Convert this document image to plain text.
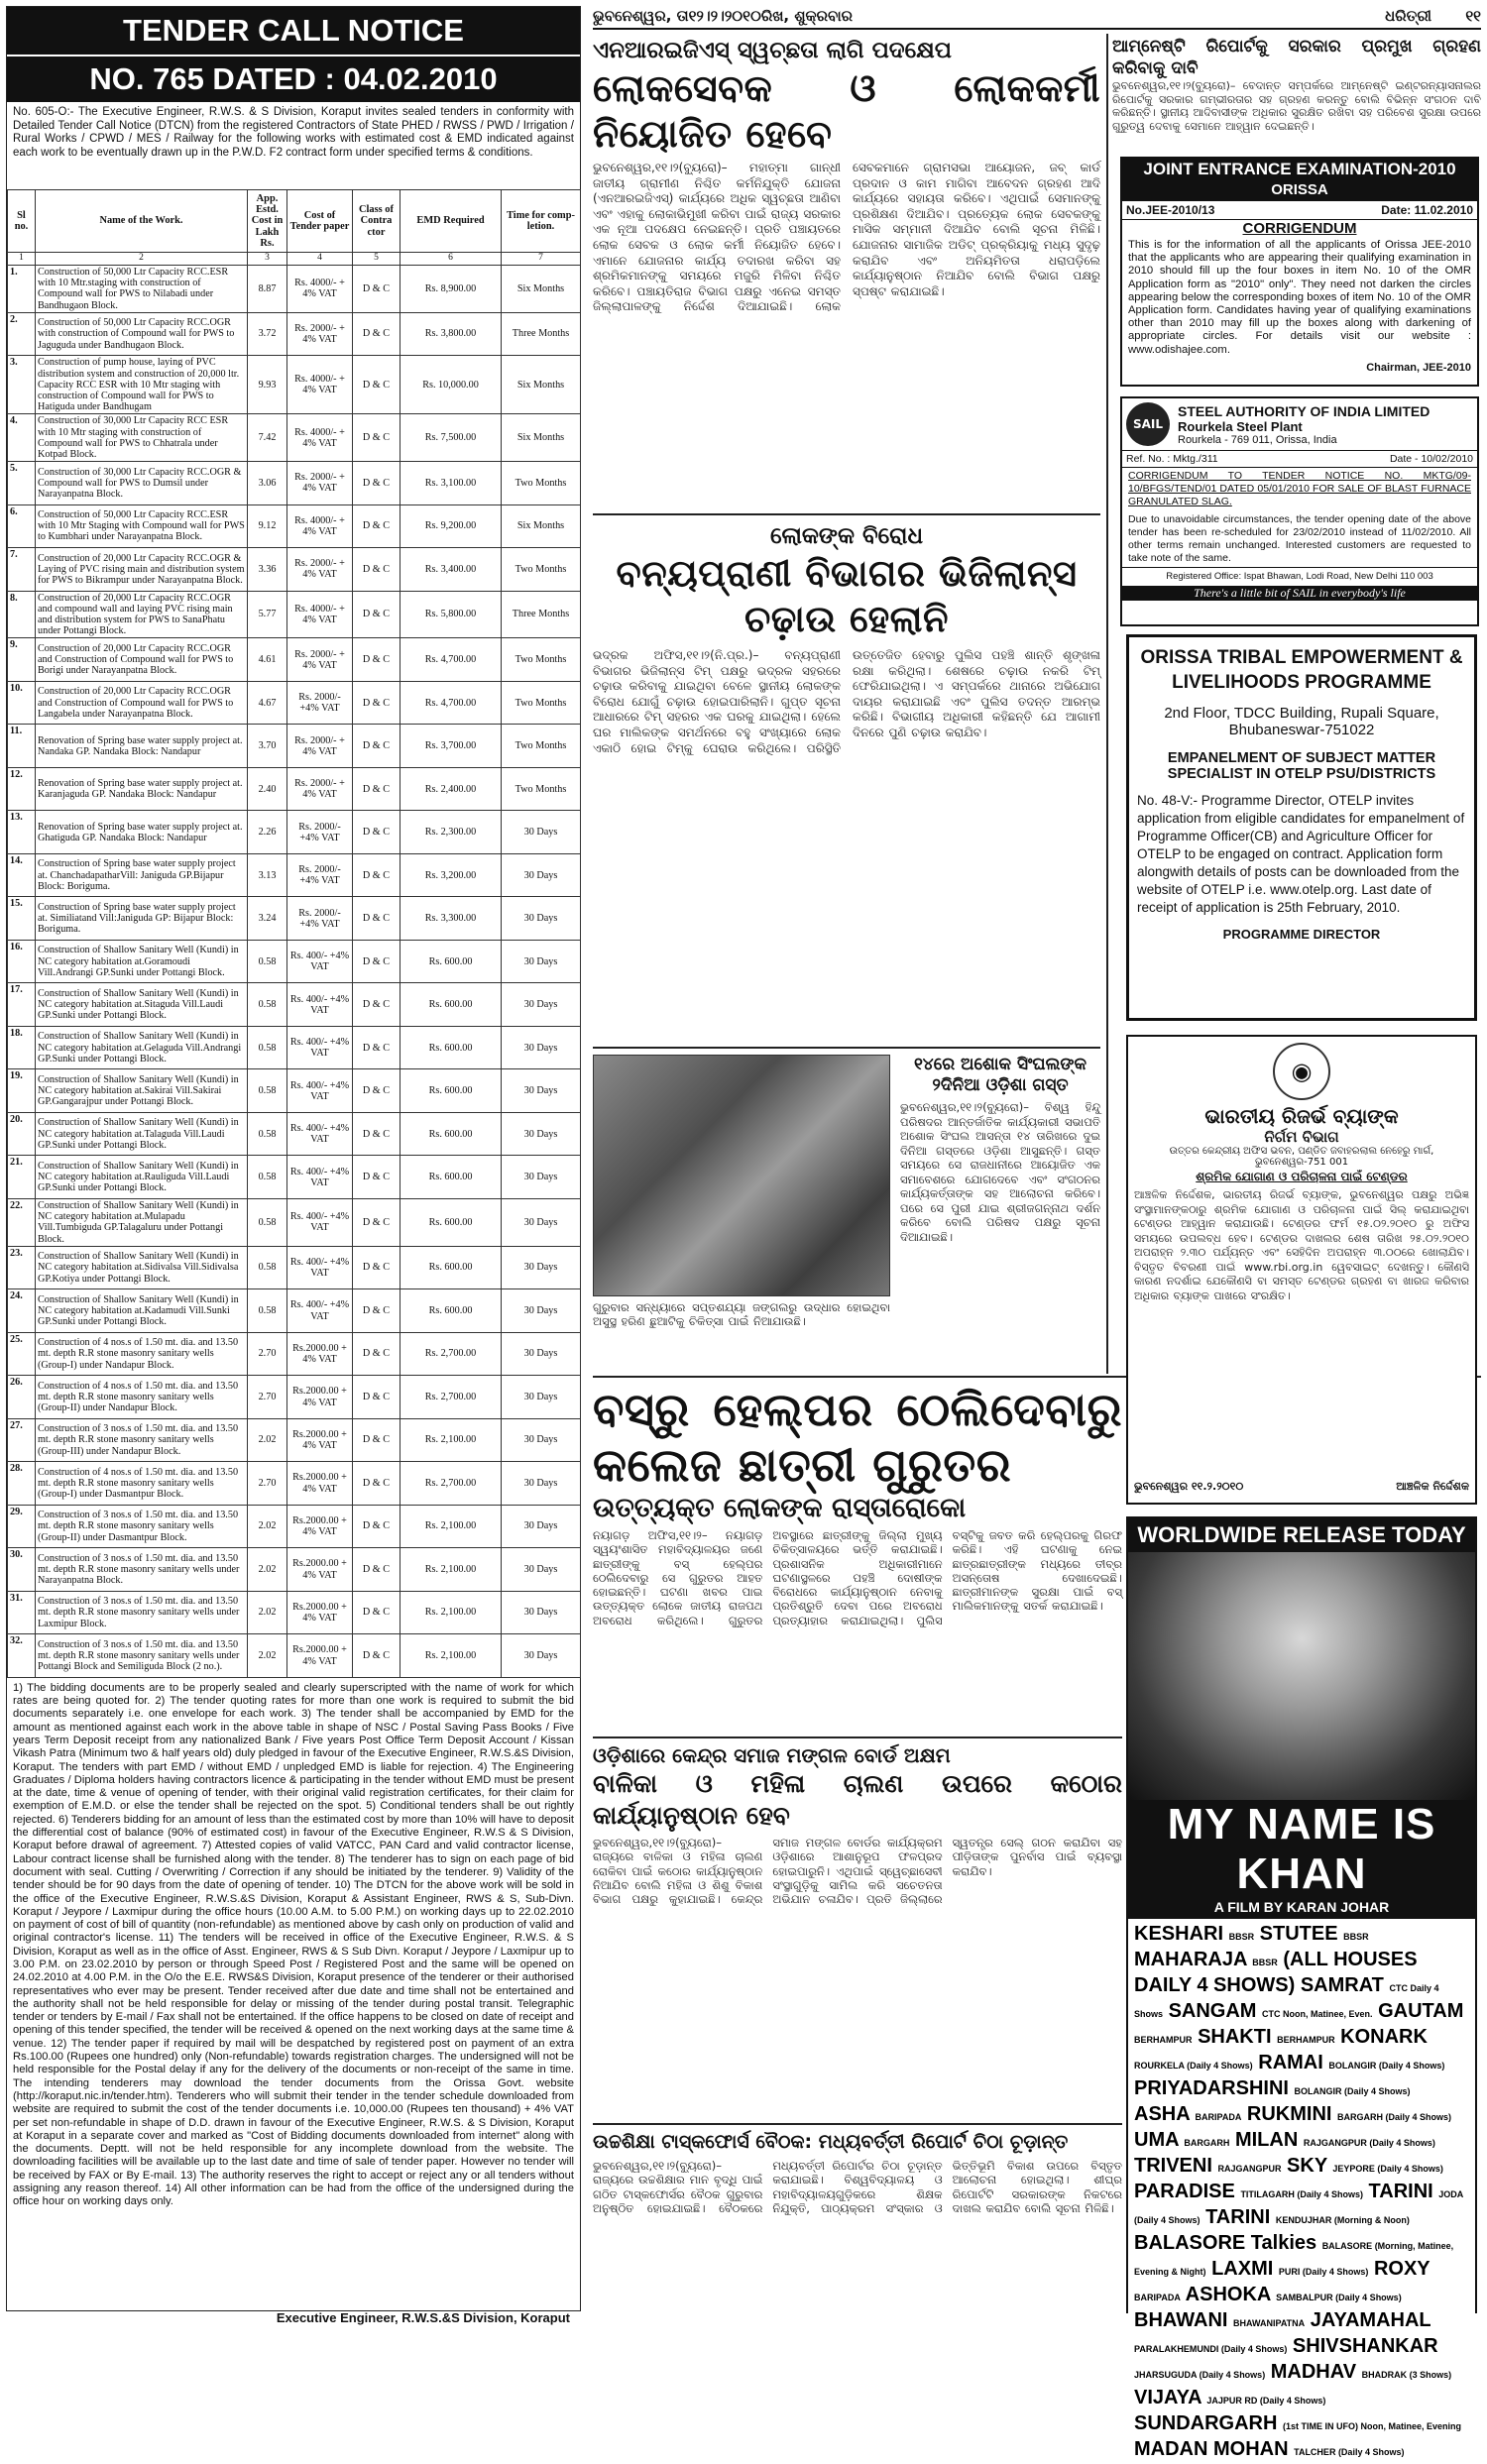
TENDER CALL NOTICE
NO. 765 DATED : 04.02.2010
No. 605-O:- The Executive Engineer, R.W.S. & S Division, Koraput invites sealed tenders in conformity with Detailed Tender Call Notice (DTCN) from the registered Contractors of State PHED / RWSS / PWD / Irrigation / Rural Works / CPWD / MES / Railway for the following works with estimated cost & EMD indicated against each work to be eventually drawn up in the P.W.D. F2 contract form under specified terms & conditions.
Sl no.	Name of the Work.	App. Estd. Cost in Lakh Rs.	Cost of Tender paper	Class of Contra ctor	EMD Required	Time for comp- letion.
1	2	3	4	5	6	7
1.	Construction of 50,000 Ltr Capacity RCC.ESR with 10 Mtr.staging with construction of Compound wall for PWS to Nilabadi under Bandhugaon Block.	8.87	Rs. 4000/- + 4% VAT	D & C	Rs. 8,900.00	Six Months
2.	Construction of 50,000 Ltr Capacity RCC.OGR with construction of Compound wall for PWS to Jaguguda under Bandhugaon Block.	3.72	Rs. 2000/- + 4% VAT	D & C	Rs. 3,800.00	Three Months
3.	Construction of pump house, laying of PVC distribution system and construction of 20,000 ltr. Capacity RCC ESR with 10 Mtr staging with construction of Compound wall for PWS to Hatiguda under Bandhugam	9.93	Rs. 4000/- + 4% VAT	D & C	Rs. 10,000.00	Six Months
4.	Construction of 30,000 Ltr Capacity RCC ESR with 10 Mtr staging with construction of Compound wall for PWS to Chhatrala under Kotpad Block.	7.42	Rs. 4000/- + 4% VAT	D & C	Rs. 7,500.00	Six Months
5.	Construction of 30,000 Ltr Capacity RCC.OGR & Compound wall for PWS to Dumsil under Narayanpatna Block.	3.06	Rs. 2000/- + 4% VAT	D & C	Rs. 3,100.00	Two Months
6.	Construction of 50,000 Ltr Capacity RCC.ESR with 10 Mtr Staging with Compound wall for PWS to Kumbhari under Narayanpatna Block.	9.12	Rs. 4000/- + 4% VAT	D & C	Rs. 9,200.00	Six Months
7.	Construction of 20,000 Ltr Capacity RCC.OGR & Laying of PVC rising main and distribution system for PWS to Bikrampur under Narayanpatna Block.	3.36	Rs. 2000/- + 4% VAT	D & C	Rs. 3,400.00	Two Months
8.	Construction of 20,000 Ltr Capacity RCC.OGR and compound wall and laying PVC rising main and distribution system for PWS to SanaPhatu under Pottangi Block.	5.77	Rs. 4000/- + 4% VAT	D & C	Rs. 5,800.00	Three Months
9.	Construction of 20,000 Ltr Capacity RCC.OGR and Construction of Compound wall for PWS to Borigi under Narayanpatna Block.	4.61	Rs. 2000/- + 4% VAT	D & C	Rs. 4,700.00	Two Months
10.	Construction of 20,000 Ltr Capacity RCC.OGR and Construction of Compound wall for PWS to Langabela under Narayanpatna Block.	4.67	Rs. 2000/- +4% VAT	D & C	Rs. 4,700.00	Two Months
11.	Renovation of Spring base water supply project at. Nandaka GP. Nandaka Block: Nandapur	3.70	Rs. 2000/- + 4% VAT	D & C	Rs. 3,700.00	Two Months
12.	Renovation of Spring base water supply project at. Karanjaguda GP. Nandaka Block: Nandapur	2.40	Rs. 2000/- + 4% VAT	D & C	Rs. 2,400.00	Two Months
13.	Renovation of Spring base water supply project at. Ghatiguda GP. Nandaka Block: Nandapur	2.26	Rs. 2000/- +4% VAT	D & C	Rs. 2,300.00	30 Days
14.	Construction of Spring base water supply project at. ChanchadapatharVill: Janiguda GP.Bijapur Block: Boriguma.	3.13	Rs. 2000/- +4% VAT	D & C	Rs. 3,200.00	30 Days
15.	Construction of Spring base water supply project at. Similiatand Vill:Janiguda GP: Bijapur Block: Boriguma.	3.24	Rs. 2000/- +4% VAT	D & C	Rs. 3,300.00	30 Days
16.	Construction of Shallow Sanitary Well (Kundi) in NC category habitation at.Goramoudi Vill.Andrangi GP.Sunki under Pottangi Block.	0.58	Rs. 400/- +4% VAT	D & C	Rs. 600.00	30 Days
17.	Construction of Shallow Sanitary Well (Kundi) in NC category habitation at.Sitaguda Vill.Laudi GP.Sunki under Pottangi Block.	0.58	Rs. 400/- +4% VAT	D & C	Rs. 600.00	30 Days
18.	Construction of Shallow Sanitary Well (Kundi) in NC category habitation at.Gelaguda Vill.Andrangi GP.Sunki under Pottangi Block.	0.58	Rs. 400/- +4% VAT	D & C	Rs. 600.00	30 Days
19.	Construction of Shallow Sanitary Well (Kundi) in NC category habitation at.Sakirai Vill.Sakirai GP.Gangarajpur under Pottangi Block.	0.58	Rs. 400/- +4% VAT	D & C	Rs. 600.00	30 Days
20.	Construction of Shallow Sanitary Well (Kundi) in NC category habitation at.Talaguda Vill.Laudi GP.Sunki under Pottangi Block.	0.58	Rs. 400/- +4% VAT	D & C	Rs. 600.00	30 Days
21.	Construction of Shallow Sanitary Well (Kundi) in NC category habitation at.Rauliguda Vill.Laudi GP.Sunki under Pottangi Block.	0.58	Rs. 400/- +4% VAT	D & C	Rs. 600.00	30 Days
22.	Construction of Shallow Sanitary Well (Kundi) in NC category habitation at.Mulapadu Vill.Tumbiguda GP.Talagaluru under Pottangi Block.	0.58	Rs. 400/- +4% VAT	D & C	Rs. 600.00	30 Days
23.	Construction of Shallow Sanitary Well (Kundi) in NC category habitation at.Sidivalsa Vill.Sidivalsa GP.Kotiya under Pottangi Block.	0.58	Rs. 400/- +4% VAT	D & C	Rs. 600.00	30 Days
24.	Construction of Shallow Sanitary Well (Kundi) in NC category habitation at.Kadamudi Vill.Sunki GP.Sunki under Pottangi Block.	0.58	Rs. 400/- +4% VAT	D & C	Rs. 600.00	30 Days
25.	Construction of 4 nos.s of 1.50 mt. dia. and 13.50 mt. depth R.R stone masonry sanitary wells (Group-I) under Nandapur Block.	2.70	Rs.2000.00 + 4% VAT	D & C	Rs. 2,700.00	30 Days
26.	Construction of 4 nos.s of 1.50 mt. dia. and 13.50 mt. depth R.R stone masonry sanitary wells (Group-II) under Nandapur Block.	2.70	Rs.2000.00 + 4% VAT	D & C	Rs. 2,700.00	30 Days
27.	Construction of 3 nos.s of 1.50 mt. dia. and 13.50 mt. depth R.R stone masonry sanitary wells (Group-III) under Nandapur Block.	2.02	Rs.2000.00 + 4% VAT	D & C	Rs. 2,100.00	30 Days
28.	Construction of 4 nos.s of 1.50 mt. dia. and 13.50 mt. depth R.R stone masonry sanitary wells (Group-I) under Dasmantpur Block.	2.70	Rs.2000.00 + 4% VAT	D & C	Rs. 2,700.00	30 Days
29.	Construction of 3 nos.s of 1.50 mt. dia. and 13.50 mt. depth R.R stone masonry sanitary wells (Group-II) under Dasmantpur Block.	2.02	Rs.2000.00 + 4% VAT	D & C	Rs. 2,100.00	30 Days
30.	Construction of 3 nos.s of 1.50 mt. dia. and 13.50 mt. depth R.R stone masonry sanitary wells under Narayanpatna Block.	2.02	Rs.2000.00 + 4% VAT	D & C	Rs. 2,100.00	30 Days
31.	Construction of 3 nos.s of 1.50 mt. dia. and 13.50 mt. depth R.R stone masonry sanitary wells under Laxmipur Block.	2.02	Rs.2000.00 + 4% VAT	D & C	Rs. 2,100.00	30 Days
32.	Construction of 3 nos.s of 1.50 mt. dia. and 13.50 mt. depth R.R stone masonry sanitary wells under Pottangi Block and Semiliguda Block (2 no.).	2.02	Rs.2000.00 + 4% VAT	D & C	Rs. 2,100.00	30 Days
1) The bidding documents are to be properly sealed and clearly superscripted with the name of work for which rates are being quoted for. 2) The tender quoting rates for more than one work is required to submit the bid documents separately i.e. one envelope for each work. 3) The tender shall be accompanied by EMD for the amount as mentioned against each work in the above table in shape of NSC / Postal Saving Pass Books / Five years Term Deposit receipt from any nationalized Bank / Five years Post Office Term Deposit Account / Kissan Vikash Patra (Minimum two & half years old) duly pledged in favour of the Executive Engineer, R.W.S.&S Division, Koraput. The tenders with part EMD / without EMD / unpledged EMD is liable for rejection. 4) The Engineering Graduates / Diploma holders having contractors licence & participating in the tender without EMD must be present at the date, time & venue of opening of tender, with their original valid registration certificates, for their claim for exemption of E.M.D. or else the tender shall be rejected on the spot. 5) Conditional tenders shall be out rightly rejected. 6) Tenderers bidding for an amount of less than the estimated cost by more than 10% will have to deposit the differential cost of balance (90% of estimated cost) in favour of the Executive Engineer, R.W.S & S Division, Koraput before drawal of agreement. 7) Attested copies of valid VATCC, PAN Card and valid contractor license, Labour contract license shall be furnished along with the tender. 8) The tenderer has to sign on each page of bid document with seal. Cutting / Overwriting / Correction if any should be initiated by the tenderer. 9) Validity of the tender should be for 90 days from the date of opening of tender. 10) The DTCN for the above work will be sold in the office of the Executive Engineer, R.W.S.&S Division, Koraput & Assistant Engineer, RWS & S, Sub-Divn. Koraput / Jeypore / Laxmipur during the office hours (10.00 A.M. to 5.00 P.M.) on working days up to 22.02.2010 on payment of cost of bill of quantity (non-refundable) as mentioned above by cash only on production of valid and original contractor's license. 11) The tenders will be received in office of the Executive Engineer, R.W.S. & S Division, Koraput as well as in the office of Asst. Engineer, RWS & S Sub Divn. Koraput / Jeypore / Laxmipur up to 3.00 P.M. on 23.02.2010 by person or through Speed Post / Registered Post and the same will be opened on 24.02.2010 at 4.00 P.M. in the O/o the E.E. RWS&S Division, Koraput presence of the tenderer or their authorised representatives who ever may be present. Tender received after due date and time shall not be entertained and the authority shall not be held responsible for delay or missing of the tender during postal transit. Telegraphic tender or tenders by E-mail / Fax shall not be entertained. If the office happens to be closed on date of receipt and opening of this tender specified, the tender will be received & opened on the next working days at the same time & venue. 12) The tender paper if required by mail will be despatched by registered post on payment of an extra Rs.100.00 (Rupees one hundred) only (Non-refundable) towards registration charges. The undersigned will not be held responsible for the Postal delay if any for the delivery of the documents or non-receipt of the same in time. The intending tenderers may download the tender documents from the Orissa Govt. website (http://koraput.nic.in/tender.htm). Tenderers who will submit their tender in the tender schedule downloaded from website are required to submit the cost of the tender documents i.e. 10,000.00 (Rupees ten thousand) + 4% VAT per set non-refundable in shape of D.D. drawn in favour of the Executive Engineer, R.W.S. & S Division, Koraput at Koraput in a separate cover and marked as "Cost of Bidding documents downloaded from internet" along with the documents. Deptt. will not be held responsible for any incomplete download from the website. The downloading facilities will be available up to the last date and time of sale of tender paper. However no tender will be received by FAX or By E-mail. 13) The authority reserves the right to accept or reject any or all tenders without assigning any reason thereof. 14) All other information can be had from the office of the undersigned during the office hour on working days only.
Executive Engineer, R.W.S.&S Division, Koraput
ଭୁବନେଶ୍ୱର, ତା୧୨।୨।୨୦୧୦ରିଖ, ଶୁକ୍ରବାର	ଧରିତ୍ରୀ ୧୧
ଏନଆରଇଜିଏସ୍ ସ୍ୱଚ୍ଛତା ଲାଗି ପଦକ୍ଷେପ
ଲୋକସେବକ ଓ ଲୋକକର୍ମୀ ନିୟୋଜିତ ହେବେ
ଭୁବନେଶ୍ୱର,୧୧।୨(ବ୍ୟୁରୋ)– ମହାତ୍ମା ଗାନ୍ଧୀ ଜାତୀୟ ଗ୍ରାମୀଣ ନିଶ୍ଚିତ କର୍ମନିଯୁକ୍ତି ଯୋଜନା (ଏନଆରଇଜିଏସ୍) କାର୍ଯ୍ୟରେ ଅଧିକ ସ୍ୱଚ୍ଛତା ଆଣିବା ଏବଂ ଏହାକୁ ଲୋକାଭିମୁଖୀ କରିବା ପାଇଁ ରାଜ୍ୟ ସରକାର ଏକ ନୂଆ ପଦକ୍ଷେପ ନେଇଛନ୍ତି। ପ୍ରତି ପଞ୍ଚାୟତରେ ଲୋକ ସେବକ ଓ ଲୋକ କର୍ମୀ ନିୟୋଜିତ ହେବେ। ଏମାନେ ଯୋଜନାର କାର୍ଯ୍ୟ ତଦାରଖ କରିବା ସହ ଶ୍ରମିକମାନଙ୍କୁ ସମୟରେ ମଜୁରି ମିଳିବା ନିଶ୍ଚିତ କରିବେ। ପଞ୍ଚାୟତିରାଜ ବିଭାଗ ପକ୍ଷରୁ ଏନେଇ ସମସ୍ତ ଜିଲ୍ଲାପାଳଙ୍କୁ ନିର୍ଦ୍ଦେଶ ଦିଆଯାଇଛି। ଲୋକ ସେବକମାନେ ଗ୍ରାମସଭା ଆୟୋଜନ, ଜବ୍ କାର୍ଡ ପ୍ରଦାନ ଓ କାମ ମାଗିବା ଆବେଦନ ଗ୍ରହଣ ଆଦି କାର୍ଯ୍ୟରେ ସହାୟତା କରିବେ। ଏଥିପାଇଁ ସେମାନଙ୍କୁ ପ୍ରଶିକ୍ଷଣ ଦିଆଯିବ। ପ୍ରତ୍ୟେକ ଲୋକ ସେବକଙ୍କୁ ମାସିକ ସମ୍ମାନୀ ଦିଆଯିବ ବୋଲି ସୂଚନା ମିଳିଛି। ଯୋଜନାର ସାମାଜିକ ଅଡିଟ୍ ପ୍ରକ୍ରିୟାକୁ ମଧ୍ୟ ସୁଦୃଢ଼ କରାଯିବ ଏବଂ ଅନିୟମିତତା ଧରାପଡ଼ିଲେ କାର୍ଯ୍ୟାନୁଷ୍ଠାନ ନିଆଯିବ ବୋଲି ବିଭାଗ ପକ୍ଷରୁ ସ୍ପଷ୍ଟ କରାଯାଇଛି।
ଲୋକଙ୍କ ବିରୋଧ
ବନ୍ୟପ୍ରାଣୀ ବିଭାଗର ଭିଜିଲାନ୍ସ ଚଢ଼ାଉ ହେଲାନି
ଭଦ୍ରକ ଅଫିସ,୧୧।୨(ନି.ପ୍ର.)– ବନ୍ୟପ୍ରାଣୀ ବିଭାଗର ଭିଜିଲାନ୍ସ ଟିମ୍ ପକ୍ଷରୁ ଭଦ୍ରକ ସହରରେ ଚଢ଼ାଉ କରିବାକୁ ଯାଇଥିବା ବେଳେ ସ୍ଥାନୀୟ ଲୋକଙ୍କ ବିରୋଧ ଯୋଗୁଁ ଚଢ଼ାଉ ହୋଇପାରିଲାନି। ଗୁପ୍ତ ସୂଚନା ଆଧାରରେ ଟିମ୍ ସହରର ଏକ ଘରକୁ ଯାଇଥିଲା। ହେଲେ ଘର ମାଲିକଙ୍କ ସମର୍ଥନରେ ବହୁ ସଂଖ୍ୟାରେ ଲୋକ ଏକାଠି ହୋଇ ଟିମ୍‌କୁ ଘେରାଉ କରିଥିଲେ। ପରିସ୍ଥିତି ଉତ୍ତେଜିତ ହେବାରୁ ପୁଲିସ ପହଞ୍ଚି ଶାନ୍ତି ଶୃଙ୍ଖଳା ରକ୍ଷା କରିଥିଲା। ଶେଷରେ ଚଢ଼ାଉ ନକରି ଟିମ୍ ଫେରିଯାଇଥିଲା। ଏ ସମ୍ପର୍କରେ ଥାନାରେ ଅଭିଯୋଗ ଦାୟର କରାଯାଇଛି ଏବଂ ପୁଲିସ ତଦନ୍ତ ଆରମ୍ଭ କରିଛି। ବିଭାଗୀୟ ଅଧିକାରୀ କହିଛନ୍ତି ଯେ ଆଗାମୀ ଦିନରେ ପୁଣି ଚଢ଼ାଉ କରାଯିବ।
ଗୁରୁବାର ସନ୍ଧ୍ୟାରେ ସପ୍ତଶଯ୍ୟା ଜଙ୍ଗଲରୁ ଉଦ୍ଧାର ହୋଇଥିବା ଅସୁସ୍ଥ ହରିଣ ଛୁଆଟିକୁ ଚିକିତ୍ସା ପାଇଁ ନିଆଯାଉଛି।
୧୪ରେ ଅଶୋକ ସିଂଘଲଙ୍କ ୨ଦିନିଆ ଓଡ଼ିଶା ଗସ୍ତ
ଭୁବନେଶ୍ୱର,୧୧।୨(ବ୍ୟୁରୋ)– ବିଶ୍ୱ ହିନ୍ଦୁ ପରିଷଦର ଆନ୍ତର୍ଜାତିକ କାର୍ଯ୍ୟକାରୀ ସଭାପତି ଅଶୋକ ସିଂଘଲ ଆସନ୍ତା ୧୪ ତାରିଖରେ ଦୁଇ ଦିନିଆ ଗସ୍ତରେ ଓଡ଼ିଶା ଆସୁଛନ୍ତି। ଗସ୍ତ ସମୟରେ ସେ ରାଜଧାନୀରେ ଆୟୋଜିତ ଏକ ସମାବେଶରେ ଯୋଗଦେବେ ଏବଂ ସଂଗଠନର କାର୍ଯ୍ୟକର୍ତ୍ତାଙ୍କ ସହ ଆଲୋଚନା କରିବେ। ପରେ ସେ ପୁରୀ ଯାଇ ଶ୍ରୀଜଗନ୍ନାଥ ଦର୍ଶନ କରିବେ ବୋଲି ପରିଷଦ ପକ୍ଷରୁ ସୂଚନା ଦିଆଯାଇଛି।
ବସ୍‌ରୁ ହେଲ୍‌ପର ଠେଲିଦେବାରୁ କଲେଜ ଛାତ୍ରୀ ଗୁରୁତର
ଉତ୍ତ୍ୟକ୍ତ ଲୋକଙ୍କ ରାସ୍ତାରୋକୋ
ନୟାଗଡ଼ ଅଫିସ,୧୧।୨– ନୟାଗଡ଼ ସ୍ୱୟଂଶାସିତ ମହାବିଦ୍ୟାଳୟର ଜଣେ ଛାତ୍ରୀଙ୍କୁ ବସ୍ ହେଲ୍‌ପର ଠେଲିଦେବାରୁ ସେ ଗୁରୁତର ଆହତ ହୋଇଛନ୍ତି। ଘଟଣା ଖବର ପାଇ ଉତ୍ତ୍ୟକ୍ତ ଲୋକେ ଜାତୀୟ ରାଜପଥ ଅବରୋଧ କରିଥିଲେ। ଗୁରୁତର ଅବସ୍ଥାରେ ଛାତ୍ରୀଙ୍କୁ ଜିଲ୍ଲା ମୁଖ୍ୟ ଚିକିତ୍ସାଳୟରେ ଭର୍ତ୍ତି କରାଯାଇଛି। ପ୍ରଶାସନିକ ଅଧିକାରୀମାନେ ଘଟଣାସ୍ଥଳରେ ପହଞ୍ଚି ଦୋଷୀଙ୍କ ବିରୋଧରେ କାର୍ଯ୍ୟାନୁଷ୍ଠାନ ନେବାକୁ ପ୍ରତିଶ୍ରୁତି ଦେବା ପରେ ଅବରୋଧ ପ୍ରତ୍ୟାହାର କରାଯାଇଥିଲା। ପୁଲିସ ବସ୍‌ଟିକୁ ଜବତ କରି ହେଲ୍‌ପରକୁ ଗିରଫ କରିଛି। ଏହି ଘଟଣାକୁ ନେଇ ଛାତ୍ରଛାତ୍ରୀଙ୍କ ମଧ୍ୟରେ ତୀବ୍ର ଅସନ୍ତୋଷ ଦେଖାଦେଇଛି। ଛାତ୍ରୀମାନଙ୍କ ସୁରକ୍ଷା ପାଇଁ ବସ୍ ମାଲିକମାନଙ୍କୁ ସତର୍କ କରାଯାଇଛି।
ଓଡ଼ିଶାରେ କେନ୍ଦ୍ର ସମାଜ ମଙ୍ଗଳ ବୋର୍ଡ ଅକ୍ଷମ
ବାଳିକା ଓ ମହିଳା ଚାଲଣ ଉପରେ କଠୋର କାର୍ଯ୍ୟାନୁଷ୍ଠାନ ହେବ
ଭୁବନେଶ୍ୱର,୧୧।୨(ବ୍ୟୁରୋ)– ରାଜ୍ୟରେ ବାଳିକା ଓ ମହିଳା ଚାଲଣ ରୋକିବା ପାଇଁ କଠୋର କାର୍ଯ୍ୟାନୁଷ୍ଠାନ ନିଆଯିବ ବୋଲି ମହିଳା ଓ ଶିଶୁ ବିକାଶ ବିଭାଗ ପକ୍ଷରୁ କୁହାଯାଇଛି। କେନ୍ଦ୍ର ସମାଜ ମଙ୍ଗଳ ବୋର୍ଡର କାର୍ଯ୍ୟକ୍ରମ ଓଡ଼ିଶାରେ ଆଶାନୁରୂପ ଫଳପ୍ରଦ ହୋଇପାରୁନି। ଏଥିପାଇଁ ସ୍ୱେଚ୍ଛାସେବୀ ସଂସ୍ଥାଗୁଡ଼ିକୁ ସାମିଲ କରି ସଚେତନତା ଅଭିଯାନ ଚଳାଯିବ। ପ୍ରତି ଜିଲ୍ଲାରେ ସ୍ୱତନ୍ତ୍ର ସେଲ୍ ଗଠନ କରାଯିବା ସହ ପୀଡ଼ିତାଙ୍କ ପୁନର୍ବାସ ପାଇଁ ବ୍ୟବସ୍ଥା କରାଯିବ।
ଉଚ୍ଚଶିକ୍ଷା ଟାସ୍କଫୋର୍ସ ବୈଠକ: ମଧ୍ୟବର୍ତ୍ତୀ ରିପୋର୍ଟ ଚିଠା ଚୂଡ଼ାନ୍ତ
ଭୁବନେଶ୍ୱର,୧୧।୨(ବ୍ୟୁରୋ)– ରାଜ୍ୟରେ ଉଚ୍ଚଶିକ୍ଷାର ମାନ ବୃଦ୍ଧି ପାଇଁ ଗଠିତ ଟାସ୍କଫୋର୍ସର ବୈଠକ ଗୁରୁବାର ଅନୁଷ୍ଠିତ ହୋଇଯାଇଛି। ବୈଠକରେ ମଧ୍ୟବର୍ତ୍ତୀ ରିପୋର୍ଟର ଚିଠା ଚୂଡ଼ାନ୍ତ କରାଯାଇଛି। ବିଶ୍ୱବିଦ୍ୟାଳୟ ଓ ମହାବିଦ୍ୟାଳୟଗୁଡ଼ିକରେ ଶିକ୍ଷକ ନିଯୁକ୍ତି, ପାଠ୍ୟକ୍ରମ ସଂସ୍କାର ଓ ଭିତ୍ତିଭୂମି ବିକାଶ ଉପରେ ବିସ୍ତୃତ ଆଲୋଚନା ହୋଇଥିଲା। ଶୀଘ୍ର ରିପୋର୍ଟଟି ସରକାରଙ୍କ ନିକଟରେ ଦାଖଲ କରାଯିବ ବୋଲି ସୂଚନା ମିଳିଛି।
ଆମ୍‌ନେଷ୍ଟି ରିପୋର୍ଟକୁ ସରକାର ପ୍ରମୁଖ ଗ୍ରହଣ କରିବାକୁ ଦାବି
ଭୁବନେଶ୍ୱର,୧୧।୨(ବ୍ୟୁରୋ)– ବେଦାନ୍ତ ସମ୍ପର୍କରେ ଆମ୍‌ନେଷ୍ଟି ଇଣ୍ଟରନ୍ୟାସନାଲର ରିପୋର୍ଟକୁ ସରକାର ଗମ୍ଭୀରତାର ସହ ଗ୍ରହଣ କରନ୍ତୁ ବୋଲି ବିଭିନ୍ନ ସଂଗଠନ ଦାବି କରିଛନ୍ତି। ସ୍ଥାନୀୟ ଆଦିବାସୀଙ୍କ ଅଧିକାର ସୁରକ୍ଷିତ ରଖିବା ସହ ପରିବେଶ ସୁରକ୍ଷା ଉପରେ ଗୁରୁତ୍ୱ ଦେବାକୁ ସେମାନେ ଆହ୍ୱାନ ଦେଇଛନ୍ତି।
JOINT ENTRANCE EXAMINATION-2010
ORISSA
No.JEE-2010/13	Date: 11.02.2010
CORRIGENDUM
This is for the information of all the applicants of Orissa JEE-2010 that the applicants who are appearing their qualifying examination in 2010 should fill up the four boxes in item No. 10 of the OMR Application form as "2010" only". They need not darken the circles appearing below the corresponding boxes of item No. 10 of the OMR Application form. Candidates having year of qualifying examinations other than 2010 may fill up the boxes along with darkening of appropriate circles. For details visit our website : www.odishajee.com.
Chairman, JEE-2010
SAIL
STEEL AUTHORITY OF INDIA LIMITED
Rourkela Steel Plant
Rourkela - 769 011, Orissa, India
Ref. No. : Mktg./311	Date - 10/02/2010
CORRIGENDUM TO TENDER NOTICE NO. MKTG/09-10/BFGS/TEND/01 DATED 05/01/2010 FOR SALE OF BLAST FURNACE GRANULATED SLAG.
Due to unavoidable circumstances, the tender opening date of the above tender has been re-scheduled for 23/02/2010 instead of 11/02/2010. All other terms remain unchanged. Interested customers are requested to take note of the same.
Registered Office: Ispat Bhawan, Lodi Road, New Delhi 110 003
There's a little bit of SAIL in everybody's life
ORISSA TRIBAL EMPOWERMENT & LIVELIHOODS PROGRAMME

2nd Floor, TDCC Building, Rupali Square, Bhubaneswar-751022

EMPANELMENT OF SUBJECT MATTER SPECIALIST IN OTELP PSU/DISTRICTS

No. 48-V:- Programme Director, OTELP invites application from eligible candidates for empanelment of Programme Officer(CB) and Agriculture Officer for OTELP to be engaged on contract. Application form alongwith details of posts can be downloaded from the website of OTELP i.e. www.otelp.org. Last date of receipt of application is 25th February, 2010.

PROGRAMME DIRECTOR

◉
ଭାରତୀୟ ରିଜର୍ଭ ବ୍ୟାଙ୍କ
ନିର୍ଗମ ବିଭାଗ
ଉତ୍ତର କେନ୍ଦ୍ରୀୟ ଅଫିସ ଭବନ, ପଣ୍ଡିତ ଜବାହରଲାଲ ନେହେରୁ ମାର୍ଗ, ଭୁବନେଶ୍ୱର-751 001
ଶ୍ରମିକ ଯୋଗାଣ ଓ ପରିଚାଳନା ପାଇଁ ଟେଣ୍ଡର
ଆଞ୍ଚଳିକ ନିର୍ଦ୍ଦେଶକ, ଭାରତୀୟ ରିଜର୍ଭ ବ୍ୟାଙ୍କ, ଭୁବନେଶ୍ୱର ପକ୍ଷରୁ ଅଭିଜ୍ଞ ସଂସ୍ଥାମାନଙ୍କଠାରୁ ଶ୍ରମିକ ଯୋଗାଣ ଓ ପରିଚାଳନା ପାଇଁ ସିଲ୍ କରାଯାଇଥିବା ଟେଣ୍ଡର ଆହ୍ୱାନ କରାଯାଉଛି। ଟେଣ୍ଡର ଫର୍ମ ୧୫.୦୨.୨୦୧୦ ରୁ ଅଫିସ ସମୟରେ ଉପଲବ୍ଧ ହେବ। ଟେଣ୍ଡର ଦାଖଲର ଶେଷ ତାରିଖ ୨୫.୦୨.୨୦୧୦ ଅପରାହ୍ନ ୨.୩୦ ପର୍ଯ୍ୟନ୍ତ ଏବଂ ସେହିଦିନ ଅପରାହ୍ନ ୩.୦୦ରେ ଖୋଲାଯିବ। ବିସ୍ତୃତ ବିବରଣୀ ପାଇଁ www.rbi.org.in ୱେବସାଇଟ୍ ଦେଖନ୍ତୁ। କୌଣସି କାରଣ ନଦର୍ଶାଇ ଯେକୌଣସି ବା ସମସ୍ତ ଟେଣ୍ଡର ଗ୍ରହଣ ବା ଖାରଜ କରିବାର ଅଧିକାର ବ୍ୟାଙ୍କ ପାଖରେ ସଂରକ୍ଷିତ।
ଭୁବନେଶ୍ୱର ୧୧.୨.୨୦୧୦	ଆଞ୍ଚଳିକ ନିର୍ଦ୍ଦେଶକ
WORLDWIDE RELEASE TODAY
MY NAME IS KHAN
A FILM BY KARAN JOHAR
KESHARI BBSR STUTEE BBSR MAHARAJA BBSR (ALL HOUSES DAILY 4 SHOWS) SAMRAT CTC Daily 4 Shows SANGAM CTC Noon, Matinee, Even. GAUTAM BERHAMPUR SHAKTI BERHAMPUR KONARK ROURKELA (Daily 4 Shows) RAMAI BOLANGIR (Daily 4 Shows) PRIYADARSHINI BOLANGIR (Daily 4 Shows) ASHA BARIPADA RUKMINI BARGARH (Daily 4 Shows) UMA BARGARH MILAN RAJGANGPUR (Daily 4 Shows) TRIVENI RAJGANGPUR SKY JEYPORE (Daily 4 Shows) PARADISE TITILAGARH (Daily 4 Shows) TARINI JODA (Daily 4 Shows) TARINI KENDUJHAR (Morning & Noon) BALASORE Talkies BALASORE (Morning, Matinee, Evening & Night) LAXMI PURI (Daily 4 Shows) ROXY BARIPADA ASHOKA SAMBALPUR (Daily 4 Shows) BHAWANI BHAWANIPATNA JAYAMAHAL PARALAKHEMUNDI (Daily 4 Shows) SHIVSHANKAR JHARSUGUDA (Daily 4 Shows) MADHAV BHADRAK (3 Shows) VIJAYA JAJPUR RD (Daily 4 Shows) SUNDARGARH (1st TIME IN UFO) Noon, Matinee, Evening MADAN MOHAN TALCHER (Daily 4 Shows)
